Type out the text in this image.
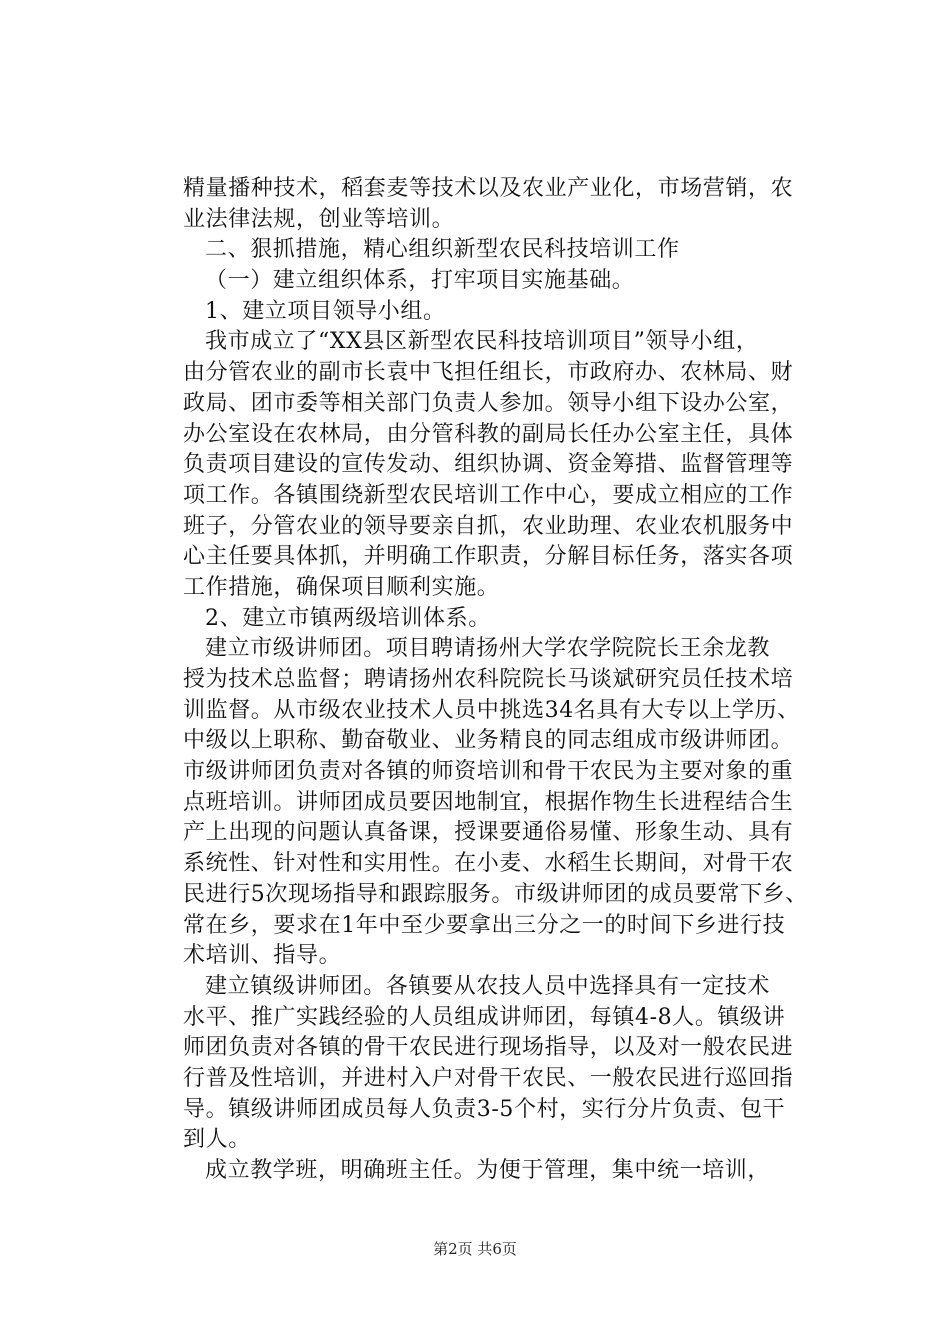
精量播种技术，稻套麦等技术以及农业产业化，市场营销，农
业法律法规，创业等培训。
二、狠抓措施，精心组织新型农民科技培训工作
（一）建立组织体系，打牢项目实施基础。
1、建立项目领导小组。
我市成立了“XX县区新型农民科技培训项目”领导小组，
由分管农业的副市长袁中飞担任组长，市政府办、农林局、财
政局、团市委等相关部门负责人参加。领导小组下设办公室，
办公室设在农林局，由分管科教的副局长任办公室主任，具体
负责项目建设的宣传发动、组织协调、资金筹措、监督管理等
项工作。各镇围绕新型农民培训工作中心，要成立相应的工作
班子，分管农业的领导要亲自抓，农业助理、农业农机服务中
心主任要具体抓，并明确工作职责，分解目标任务，落实各项
工作措施，确保项目顺利实施。
2、建立市镇两级培训体系。
建立市级讲师团。项目聘请扬州大学农学院院长王余龙教
授为技术总监督；聘请扬州农科院院长马谈斌研究员任技术培
训监督。从市级农业技术人员中挑选34名具有大专以上学历、
中级以上职称、勤奋敬业、业务精良的同志组成市级讲师团。
市级讲师团负责对各镇的师资培训和骨干农民为主要对象的重
点班培训。讲师团成员要因地制宜，根据作物生长进程结合生
产上出现的问题认真备课，授课要通俗易懂、形象生动、具有
系统性、针对性和实用性。在小麦、水稻生长期间，对骨干农
民进行5次现场指导和跟踪服务。市级讲师团的成员要常下乡、
常在乡，要求在1年中至少要拿出三分之一的时间下乡进行技
术培训、指导。
建立镇级讲师团。各镇要从农技人员中选择具有一定技术
水平、推广实践经验的人员组成讲师团，每镇4-8人。镇级讲
师团负责对各镇的骨干农民进行现场指导，以及对一般农民进
行普及性培训，并进村入户对骨干农民、一般农民进行巡回指
导。镇级讲师团成员每人负责3-5个村，实行分片负责、包干
到人。
成立教学班，明确班主任。为便于管理，集中统一培训，
第2页 共6页
